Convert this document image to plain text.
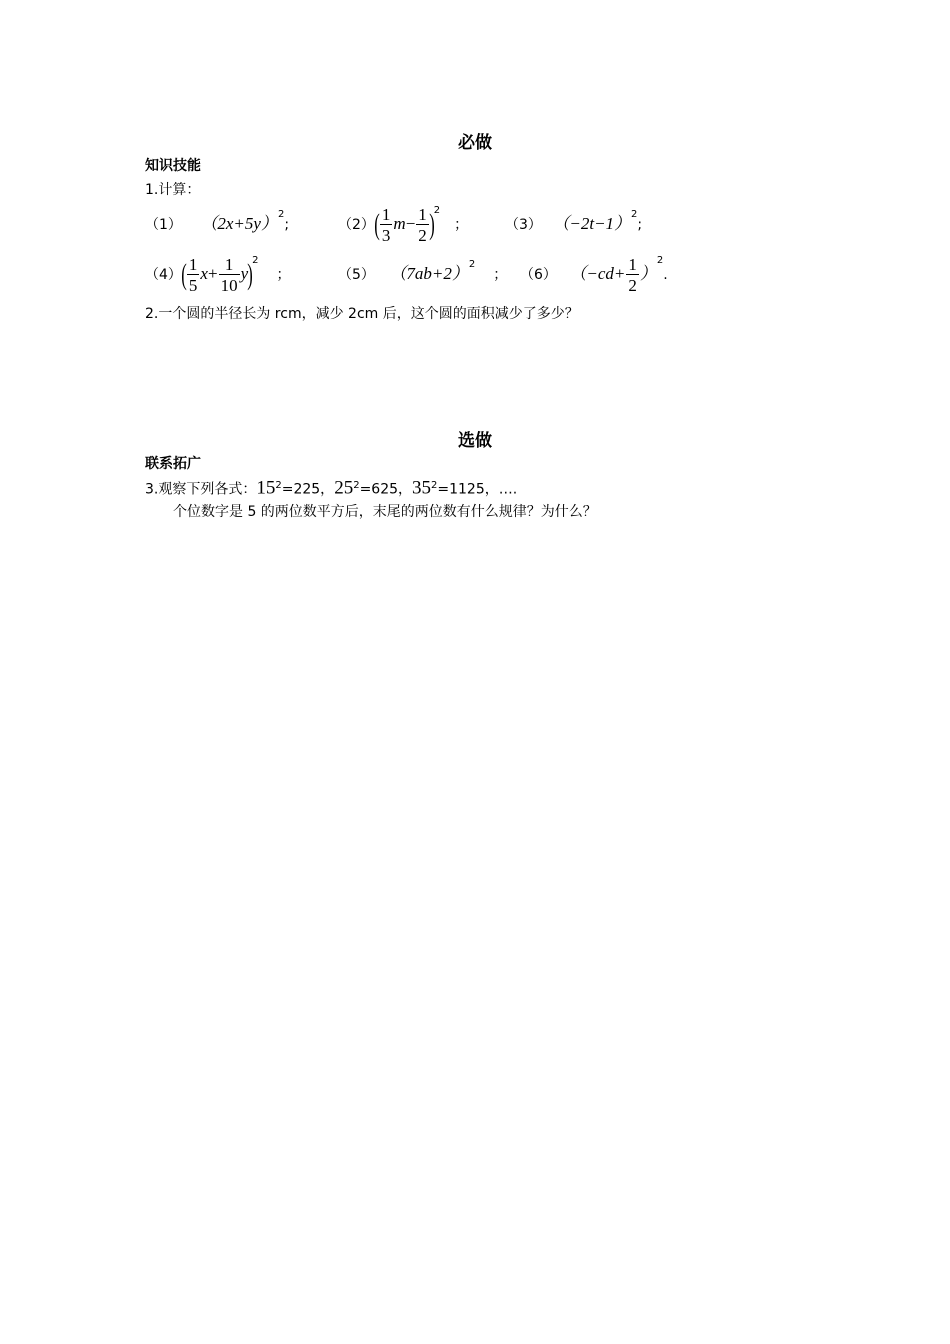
必做
知识技能
1.计算：
（1） $(2x+5y)^2$;	$(2)( \frac{1}{3} m- \frac{1}{2} )^2$；	（3） $(-2t-1)^2$;
$(4)( \frac{1}{5} x+ \frac{1}{10} y)^2$；	（5） $(7ab+2)^2$； （6） $(-cd+ \frac{1}{2} )^2$.
2.一个圆的半径长为 rcm，减少 2cm 后，这个圆的面积减少了多少？
选做
联系拓广
3.观察下列各式：$15^2=225$，$25^2=625$，$35^2=1125$，….
个位数字是 5 的两位数平方后，末尾的两位数有什么规律？为什么？
